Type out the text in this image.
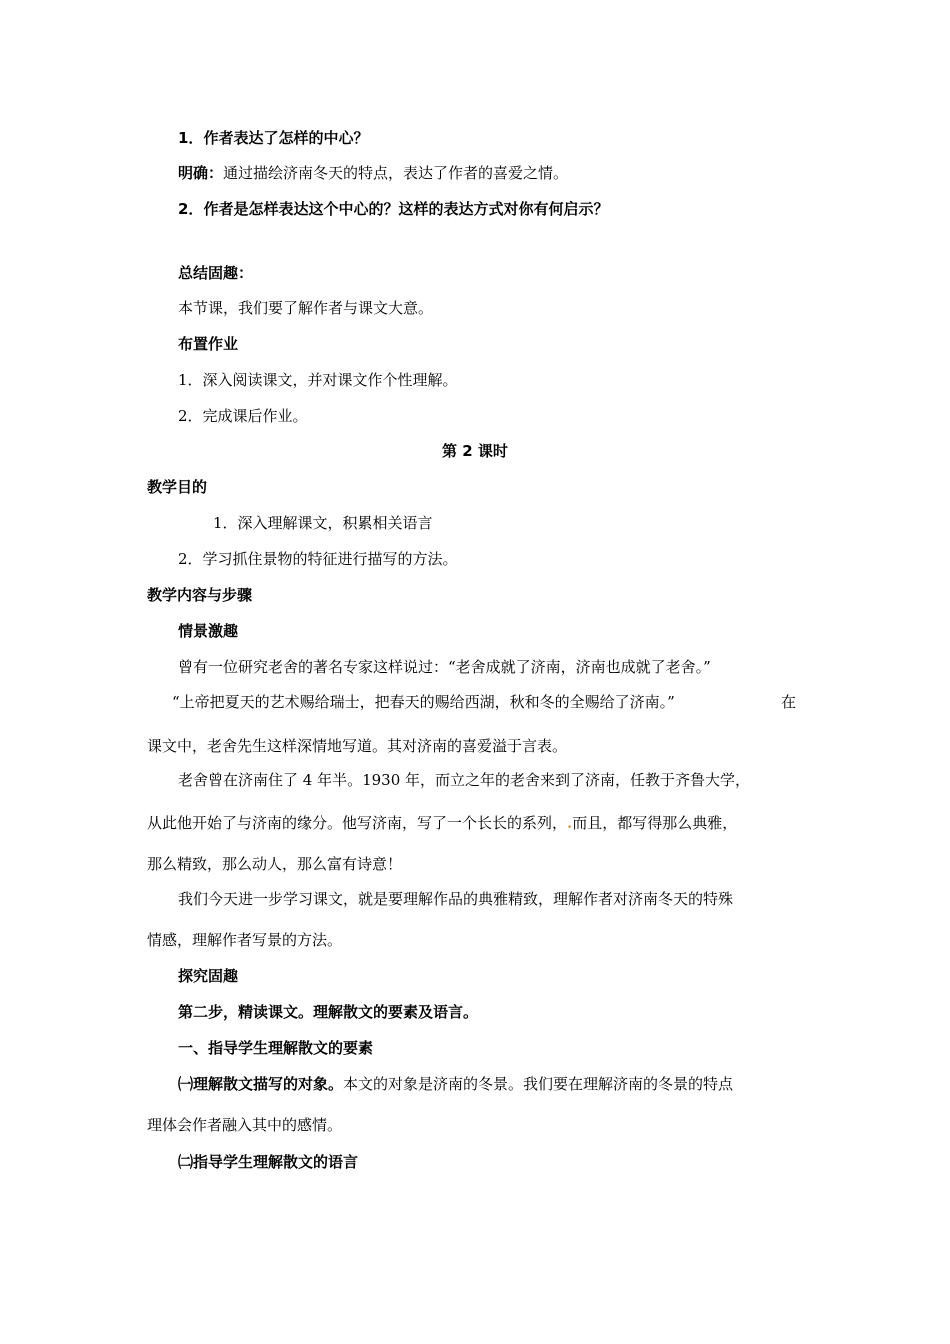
1．作者表达了怎样的中心？
明确：通过描绘济南冬天的特点，表达了作者的喜爱之情。
2．作者是怎样表达这个中心的？这样的表达方式对你有何启示？
总结固趣：
本节课，我们要了解作者与课文大意。
布置作业
1．深入阅读课文，并对课文作个性理解。
2．完成课后作业。
第 2 课时
教学目的
1．深入理解课文，积累相关语言
2．学习抓住景物的特征进行描写的方法。
教学内容与步骤
情景激趣
曾有一位研究老舍的著名专家这样说过：“老舍成就了济南，济南也成就了老舍。”
“上帝把夏天的艺术赐给瑞士，把春天的赐给西湖，秋和冬的全赐给了济南。”	在
课文中，老舍先生这样深情地写道。其对济南的喜爱溢于言表。
老舍曾在济南住了 4 年半。1930 年，而立之年的老舍来到了济南，任教于齐鲁大学，
从此他开始了与济南的缘分。他写济南，写了一个长长的系列，.而且，都写得那么典雅，
那么精致，那么动人，那么富有诗意！
我们今天进一步学习课文，就是要理解作品的典雅精致，理解作者对济南冬天的特殊
情感，理解作者写景的方法。
探究固趣
第二步，精读课文。理解散文的要素及语言。
一、指导学生理解散文的要素
㈠理解散文描写的对象。本文的对象是济南的冬景。我们要在理解济南的冬景的特点
理体会作者融入其中的感情。
㈡指导学生理解散文的语言
